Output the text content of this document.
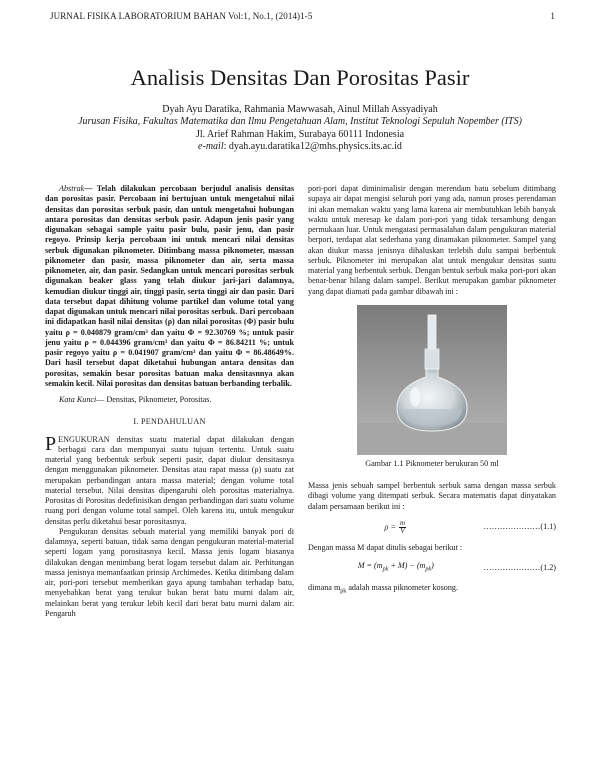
JURNAL FISIKA LABORATORIUM BAHAN Vol:1, No.1, (2014)1-5	1
Analisis Densitas Dan Porositas Pasir
Dyah Ayu Daratika, Rahmania Mawwasah, Ainul Millah Assyadiyah
Jurusan Fisika, Fakultas Matematika dan Ilmu Pengetahuan Alam, Institut Teknologi Sepuluh Nopember (ITS)
Jl. Arief Rahman Hakim, Surabaya 60111 Indonesia
e-mail: dyah.ayu.daratika12@mhs.physics.its.ac.id

Abstrak— Telah dilakukan percobaan berjudul analisis densitas dan porositas pasir. Percobaan ini bertujuan untuk mengetahui nilai densitas dan porositas serbuk pasir, dan untuk mengetahui hubungan antara porositas dan densitas serbuk pasir. Adapun jenis pasir yang digunakan sebagai sample yaitu pasir bulu, pasir jenu, dan pasir regoyo. Prinsip kerja percobaan ini untuk mencari nilai densitas serbuk digunakan piknometer. Ditimbang massa piknometer, massan piknometer dan pasir, massa piknometer dan air, serta massa piknometer, air, dan pasir. Sedangkan untuk mencari porositas serbuk digunakan beaker glass yang telah diukur jari-jari dalamnya, kemudian diukur tinggi air, tinggi pasir, serta tinggi air dan pasir. Dari data tersebut dapat dihitung volume partikel dan volume total yang dapat digunakan untuk mencari nilai porositas serbuk. Dari percobaan ini didapatkan hasil nilai densitas (ρ) dan nilai porositas (Φ) pasir bulu yaitu ρ = 0.040879 gram/cm³ dan yaitu Φ = 92.30769 %; untuk pasir jenu yaitu ρ = 0.044396 gram/cm³ dan yaitu Φ = 86.84211 %; untuk pasir regoyo yaitu ρ = 0.041907 gram/cm³ dan yaitu Φ = 86.48649%. Dari hasil tersebut dapat diketahui hubungan antara densitas dan porositas, semakin besar porositas batuan maka densitasnnya akan semakin kecil. Nilai porositas dan densitas batuan berbanding terbalik.

Kata Kunci— Densitas, Piknometer, Porositas.

I. PENDAHULUAN

PENGUKURAN densitas suatu material dapat dilakukan dengan berbagai cara dan mempunyai suatu tujuan tertentu. Untuk suatu material yang berbentuk serbuk seperti pasir, dapat diukur densitasnya dengan menggunakan piknometer. Densitas atau rapat massa (ρ) suatu zat merupakan perbandingan antara massa material; dengan volume total material tersebut. Nilai densitas dipengaruhi oleh porositas materialnya. Porositas di Porositas dedefinisikan dengan perbandingan dari suatu volume ruang pori dengan volume total sampel. Oleh karena itu, untuk mengukur densitas perlu diketahui besar porositasnya.

Pengukuran densitas sebuah material yang memiliki banyak pori di dalamnya, seperti batuan, tidak sama dengan pengukuran material-material seperti logam yang porositasnya kecil. Massa jenis logam biasanya dilakukan dengan menimbang berat logam tersebut dalam air. Perhitungan massa jenisnya memanfaatkan prinsip Archimedes. Ketika ditimbang dalam air, pori-pori tersebut memberikan gaya apung tambahan terhadap batu, menyebabkan berat yang terukur bukan berat batu murni dalam air, melainkan berat yang terukur lebih kecil dari berat batu murni dalam air. Pengaruh

pori-pori dapat diminimalisir dengan merendam batu sebelum ditimbang supaya air dapat mengisi seluruh pori yang ada, namun proses perendaman ini akan memakan waktu yang lama karena air membutuhkan lebih banyak waktu untuk meresap ke dalam pori-pori yang tidak tersambung dengan permukaan luar. Untuk mengatasi permasalahan dalam pengukuran material berpori, terdapat alat sederhana yang dinamakan piknometer. Sampel yang akan diukur massa jenisnya dihaluskan terlebih dulu sampai berbentuk serbuk. Piknometer ini merupakan alat untuk mengukur densitas suatu material yang berbentuk serbuk. Dengan bentuk serbuk maka pori-pori akan benar-benar hilang dalam sampel. Berikut merupakan gambar piknometer yang dapat diamati pada gambar dibawah ini :

Gambar 1.1 Piknometer berukuran 50 ml

Massa jenis sebuah sampel berbentuk serbuk sama dengan massa serbuk dibagi volume yang ditempati serbuk. Secara matematis dapat dinyatakan dalam persamaan berikut ini :

$\rho = \frac{m}{V}$	…………………(1.1)

Dengan massa M dapat ditulis sebagai berikut :

$M = (m_{pk} + M) - (m_{pk})$	…………………(1.2)

dimana $m_{pk}$ adalah massa piknometer kosong.
